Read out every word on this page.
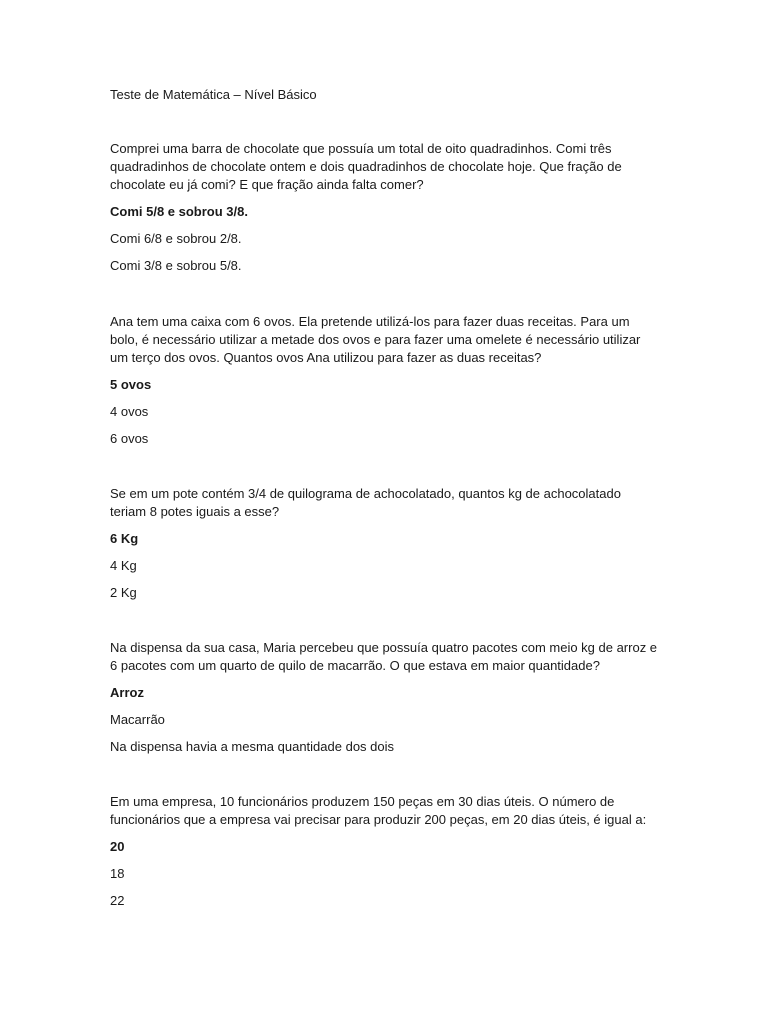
Teste de Matemática – Nível Básico

Comprei uma barra de chocolate que possuía um total de oito quadradinhos. Comi três quadradinhos de chocolate ontem e dois quadradinhos de chocolate hoje. Que fração de chocolate eu já comi? E que fração ainda falta comer?

Comi 5/8 e sobrou 3/8.

Comi 6/8 e sobrou 2/8.

Comi 3/8 e sobrou 5/8.

Ana tem uma caixa com 6 ovos. Ela pretende utilizá-los para fazer duas receitas. Para um bolo, é necessário utilizar a metade dos ovos e para fazer uma omelete é necessário utilizar um terço dos ovos. Quantos ovos Ana utilizou para fazer as duas receitas?

5 ovos

4 ovos

6 ovos

Se em um pote contém 3/4 de quilograma de achocolatado, quantos kg de achocolatado teriam 8 potes iguais a esse?

6 Kg

4 Kg

2 Kg

Na dispensa da sua casa, Maria percebeu que possuía quatro pacotes com meio kg de arroz e 6 pacotes com um quarto de quilo de macarrão. O que estava em maior quantidade?

Arroz

Macarrão

Na dispensa havia a mesma quantidade dos dois

Em uma empresa, 10 funcionários produzem 150 peças em 30 dias úteis. O número de funcionários que a empresa vai precisar para produzir 200 peças, em 20 dias úteis, é igual a:

20

18

22
